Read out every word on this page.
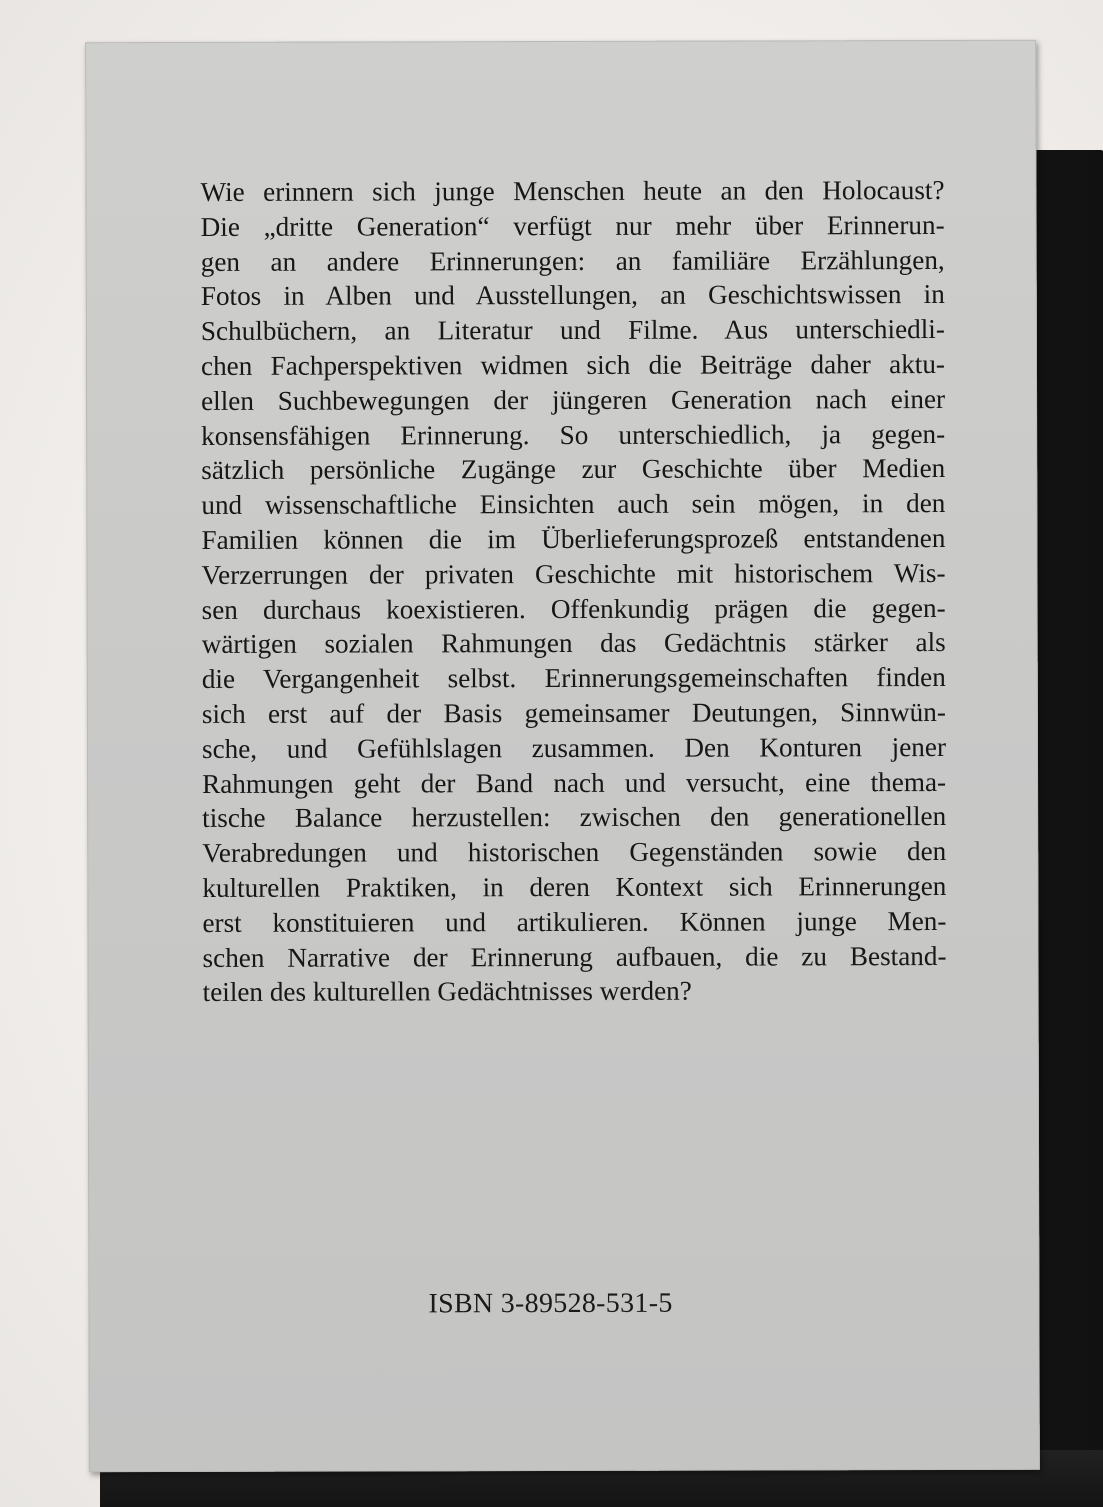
Wie erinnern sich junge Menschen heute an den Holocaust?
Die „dritte Generation“ verfügt nur mehr über Erinnerun-
gen an andere Erinnerungen: an familiäre Erzählungen,
Fotos in Alben und Ausstellungen, an Geschichtswissen in
Schulbüchern, an Literatur und Filme. Aus unterschiedli-
chen Fachperspektiven widmen sich die Beiträge daher aktu-
ellen Suchbewegungen der jüngeren Generation nach einer
konsensfähigen Erinnerung. So unterschiedlich, ja gegen-
sätzlich persönliche Zugänge zur Geschichte über Medien
und wissenschaftliche Einsichten auch sein mögen, in den
Familien können die im Überlieferungsprozeß entstandenen
Verzerrungen der privaten Geschichte mit historischem Wis-
sen durchaus koexistieren. Offenkundig prägen die gegen-
wärtigen sozialen Rahmungen das Gedächtnis stärker als
die Vergangenheit selbst. Erinnerungsgemeinschaften finden
sich erst auf der Basis gemeinsamer Deutungen, Sinnwün-
sche, und Gefühlslagen zusammen. Den Konturen jener
Rahmungen geht der Band nach und versucht, eine thema-
tische Balance herzustellen: zwischen den generationellen
Verabredungen und historischen Gegenständen sowie den
kulturellen Praktiken, in deren Kontext sich Erinnerungen
erst konstituieren und artikulieren. Können junge Men-
schen Narrative der Erinnerung aufbauen, die zu Bestand-
teilen des kulturellen Gedächtnisses werden?

ISBN 3-89528-531-5
